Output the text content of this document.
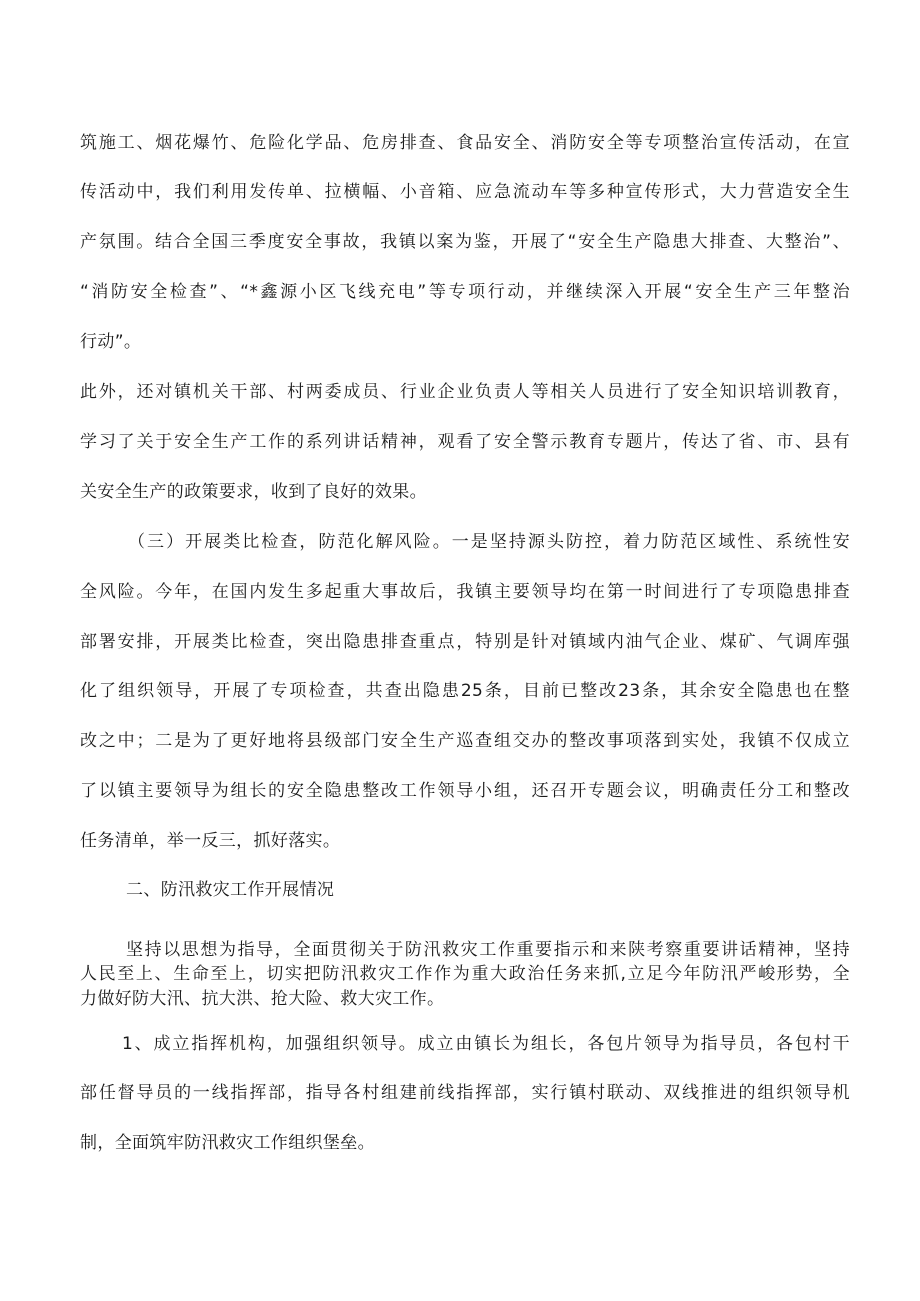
筑施工、烟花爆竹、危险化学品、危房排查、食品安全、消防安全等专项整治宣传活动，在宣
传活动中，我们利用发传单、拉横幅、小音箱、应急流动车等多种宣传形式，大力营造安全生
产氛围。结合全国三季度安全事故，我镇以案为鉴，开展了“安全生产隐患大排查、大整治”、
“消防安全检查”、“*鑫源小区飞线充电”等专项行动，并继续深入开展“安全生产三年整治
行动”。
此外，还对镇机关干部、村两委成员、行业企业负责人等相关人员进行了安全知识培训教育，
学习了关于安全生产工作的系列讲话精神，观看了安全警示教育专题片，传达了省、市、县有
关安全生产的政策要求，收到了良好的效果。
（三）开展类比检查，防范化解风险。一是坚持源头防控，着力防范区域性、系统性安
全风险。今年，在国内发生多起重大事故后，我镇主要领导均在第一时间进行了专项隐患排查
部署安排，开展类比检查，突出隐患排查重点，特别是针对镇域内油气企业、煤矿、气调库强
化了组织领导，开展了专项检查，共查出隐患25条，目前已整改23条，其余安全隐患也在整
改之中；二是为了更好地将县级部门安全生产巡查组交办的整改事项落到实处，我镇不仅成立
了以镇主要领导为组长的安全隐患整改工作领导小组，还召开专题会议，明确责任分工和整改
任务清单，举一反三，抓好落实。
二、防汛救灾工作开展情况
坚持以思想为指导，全面贯彻关于防汛救灾工作重要指示和来陕考察重要讲话精神，坚持
人民至上、生命至上，切实把防汛救灾工作作为重大政治任务来抓,立足今年防汛严峻形势，全
力做好防大汛、抗大洪、抢大险、救大灾工作。
1、成立指挥机构，加强组织领导。成立由镇长为组长，各包片领导为指导员，各包村干
部任督导员的一线指挥部，指导各村组建前线指挥部，实行镇村联动、双线推进的组织领导机
制，全面筑牢防汛救灾工作组织堡垒。
